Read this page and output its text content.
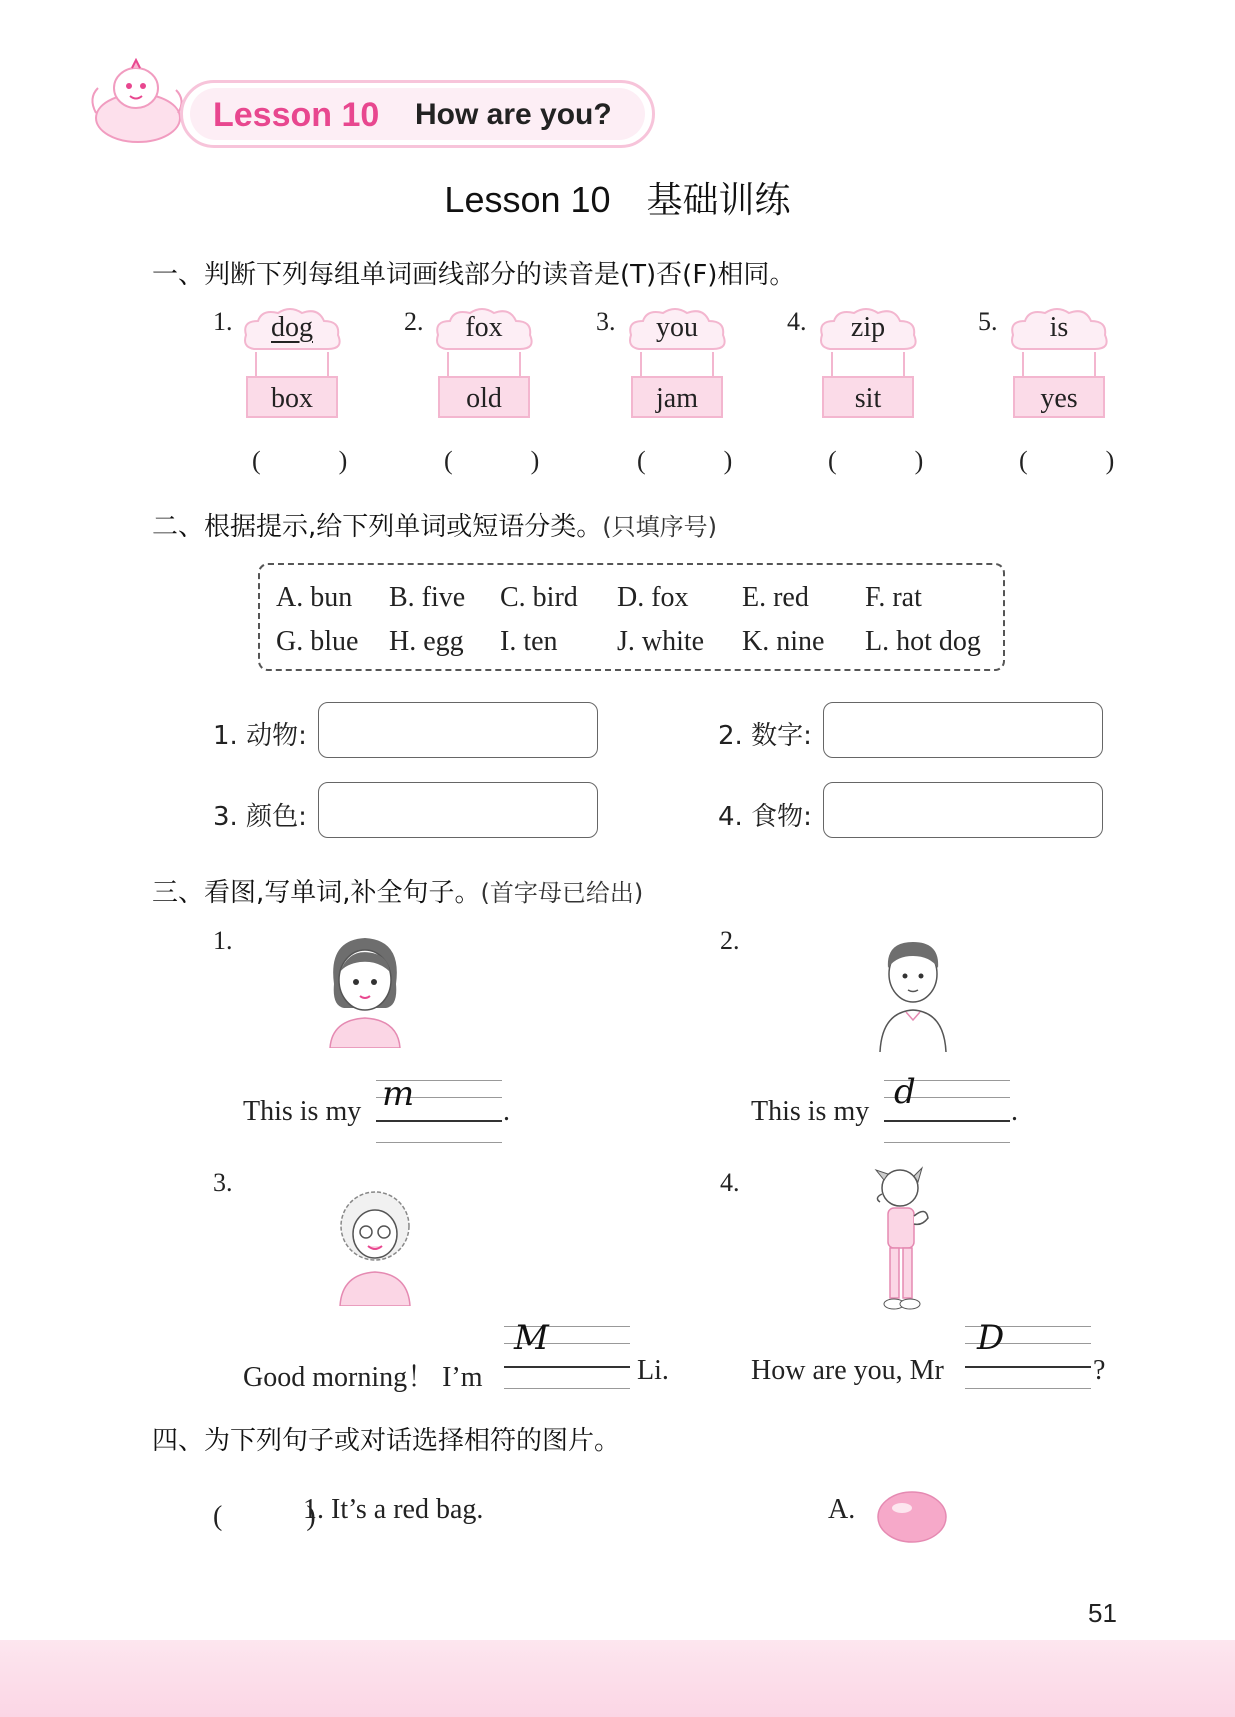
Lesson 10 How are you?
Lesson 10　基础训练
一、判断下列每组单词画线部分的读音是(T)否(F)相同。
1.	dog
box
(　　　)
2.	fox
old
(　　　)
3.	you
jam
(　　　)
4.	zip
sit
(　　　)
5.	is
yes
(　　　)
二、根据提示,给下列单词或短语分类。(只填序号)
A. bun B. five C. bird D. fox E. red F. rat
G. blue H. egg I. ten J. white K. nine L. hot dog
1. 动物:	2. 数字:
3. 颜色:	4. 食物:
三、看图,写单词,补全句子。(首字母已给出)
1.
This is my m	.
2.
This is my d	.
3.
Good morning！ I’m
M
Li.
4.
How are you, Mr
D
?
四、为下列句子或对话选择相符的图片。
(　　　)
1. It’s a red bag.	A.
51
